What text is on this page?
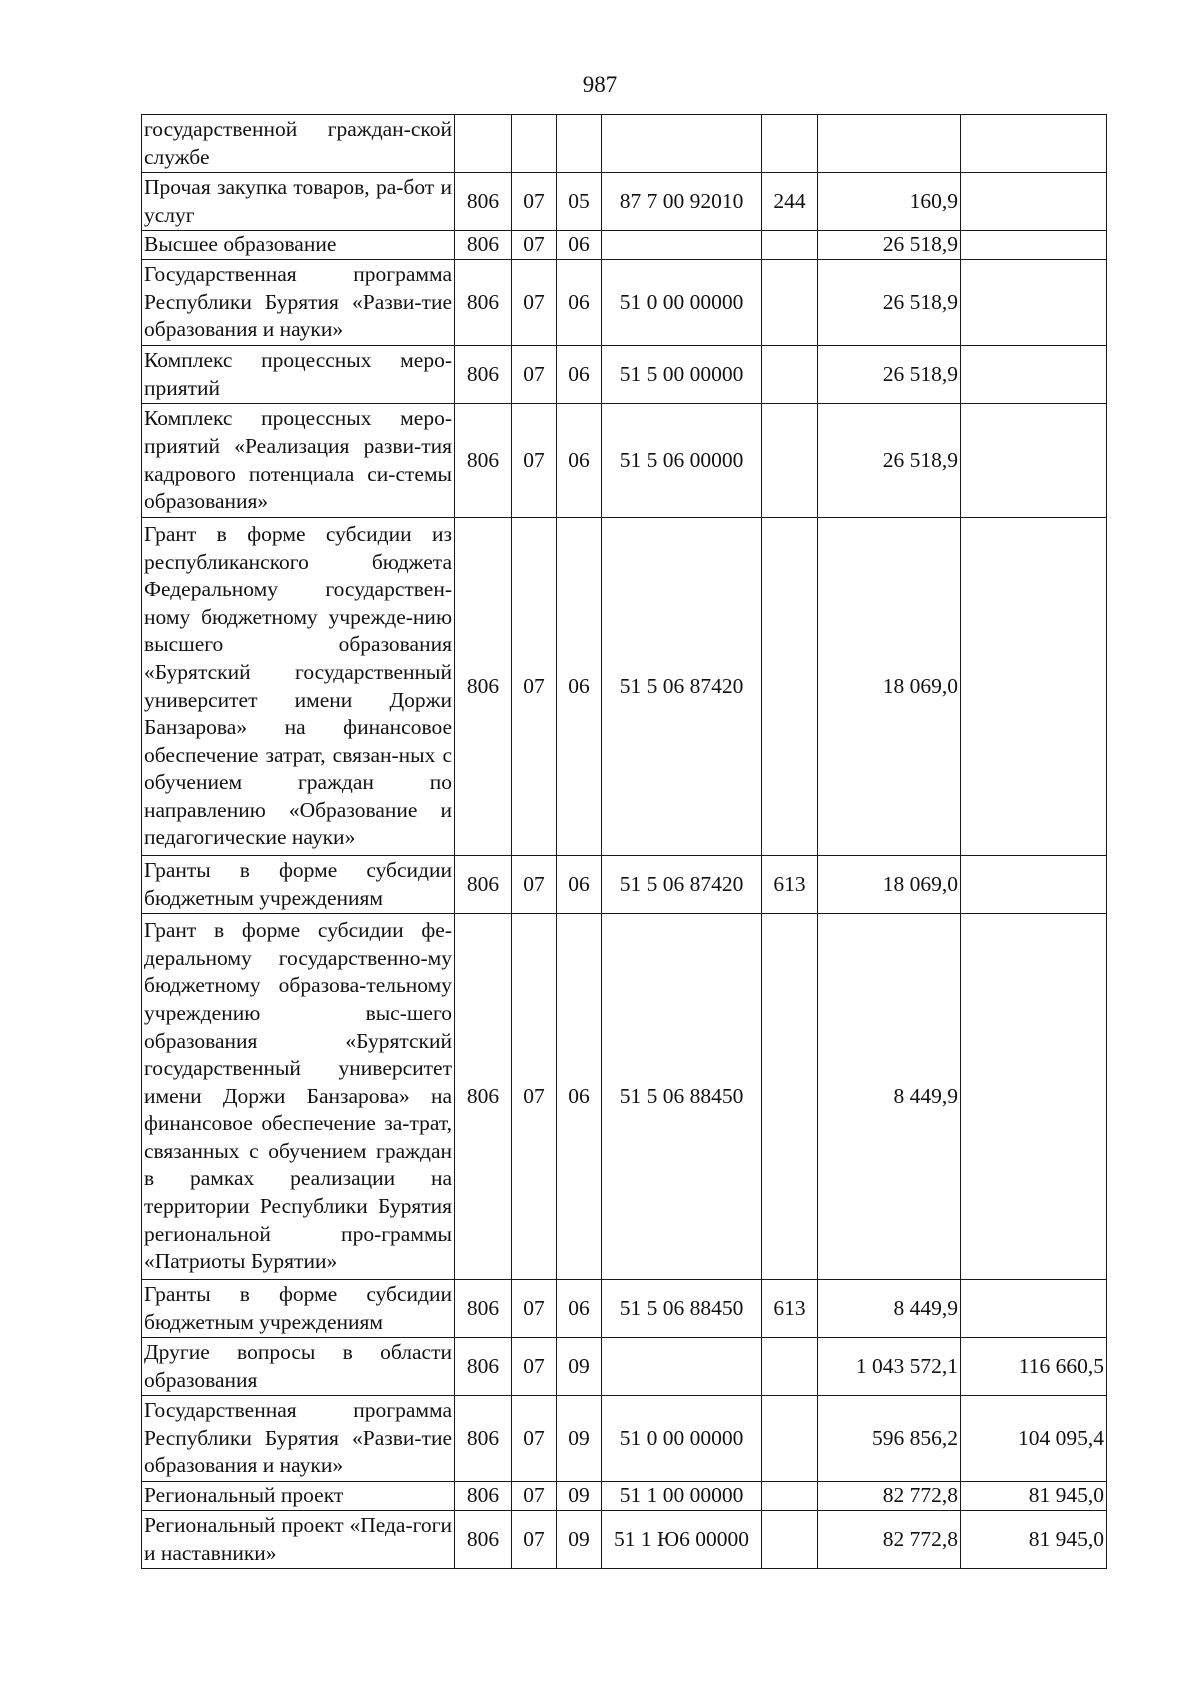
987
государственной граждан-ской службе							
Прочая закупка товаров, ра-бот и услуг	806	07	05	87 7 00 92010	244	160,9	
Высшее образование	806	07	06			26 518,9	
Государственная программа Республики Бурятия «Разви-тие образования и науки»	806	07	06	51 0 00 00000		26 518,9	
Комплекс процессных меро-приятий	806	07	06	51 5 00 00000		26 518,9	
Комплекс процессных меро-приятий «Реализация разви-тия кадрового потенциала си-стемы образования»	806	07	06	51 5 06 00000		26 518,9	
Грант в форме субсидии из республиканского бюджета Федеральному государствен-ному бюджетному учрежде-нию высшего образования «Бурятский государственный университет имени Доржи Банзарова» на финансовое обеспечение затрат, связан-ных с обучением граждан по направлению «Образование и педагогические науки»	806	07	06	51 5 06 87420		18 069,0	
Гранты в форме субсидии бюджетным учреждениям	806	07	06	51 5 06 87420	613	18 069,0	
Грант в форме субсидии фе-деральному государственно-му бюджетному образова-тельному учреждению выс-шего образования «Бурятский государственный университет имени Доржи Банзарова» на финансовое обеспечение за-трат, связанных с обучением граждан в рамках реализации на территории Республики Бурятия региональной про-граммы «Патриоты Бурятии»	806	07	06	51 5 06 88450		8 449,9	
Гранты в форме субсидии бюджетным учреждениям	806	07	06	51 5 06 88450	613	8 449,9	
Другие вопросы в области образования	806	07	09			1 043 572,1	116 660,5
Государственная программа Республики Бурятия «Разви-тие образования и науки»	806	07	09	51 0 00 00000		596 856,2	104 095,4
Региональный проект	806	07	09	51 1 00 00000		82 772,8	81 945,0
Региональный проект «Педа-гоги и наставники»	806	07	09	51 1 Ю6 00000		82 772,8	81 945,0
